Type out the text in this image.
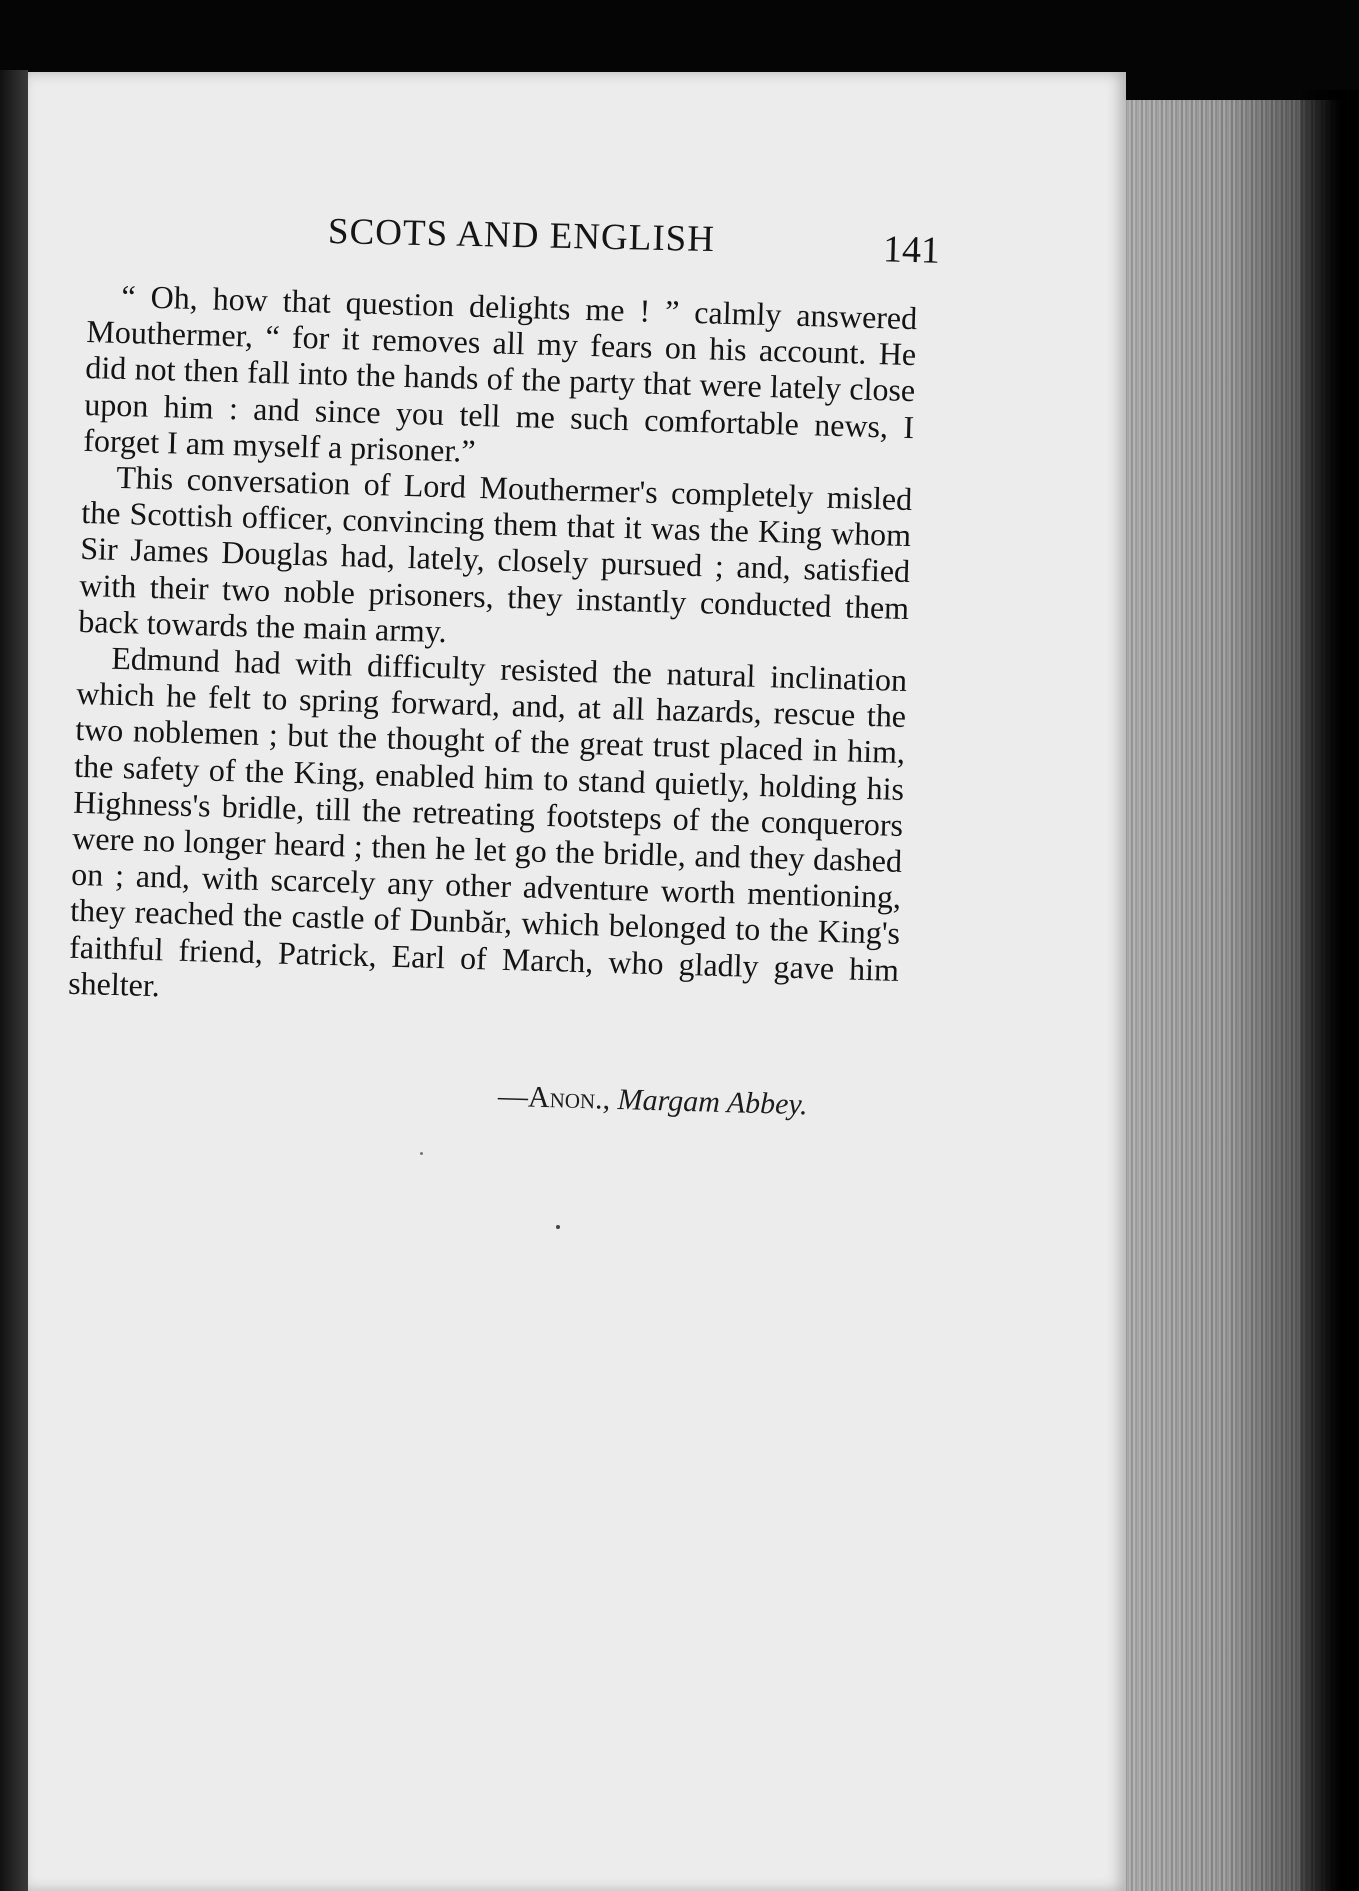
SCOTS AND ENGLISH	141

“ Oh, how that question delights me ! ” calmly answered Mouthermer, “ for it removes all my fears on his account. He did not then fall into the hands of the party that were lately close upon him : and since you tell me such comfortable news, I forget I am myself a prisoner.”

This conversation of Lord Mouthermer's completely misled the Scottish officer, convincing them that it was the King whom Sir James Douglas had, lately, closely pursued ; and, satisfied with their two noble prisoners, they instantly conducted them back towards the main army.

Edmund had with difficulty resisted the natural inclination which he felt to spring forward, and, at all hazards, rescue the two noblemen ; but the thought of the great trust placed in him, the safety of the King, enabled him to stand quietly, holding his Highness's bridle, till the retreating footsteps of the conquerors were no longer heard ; then he let go the bridle, and they dashed on ; and, with scarcely any other adventure worth mentioning, they reached the castle of Dunbăr, which belonged to the King's faithful friend, Patrick, Earl of March, who gladly gave him shelter.

—Anon., Margam Abbey.
